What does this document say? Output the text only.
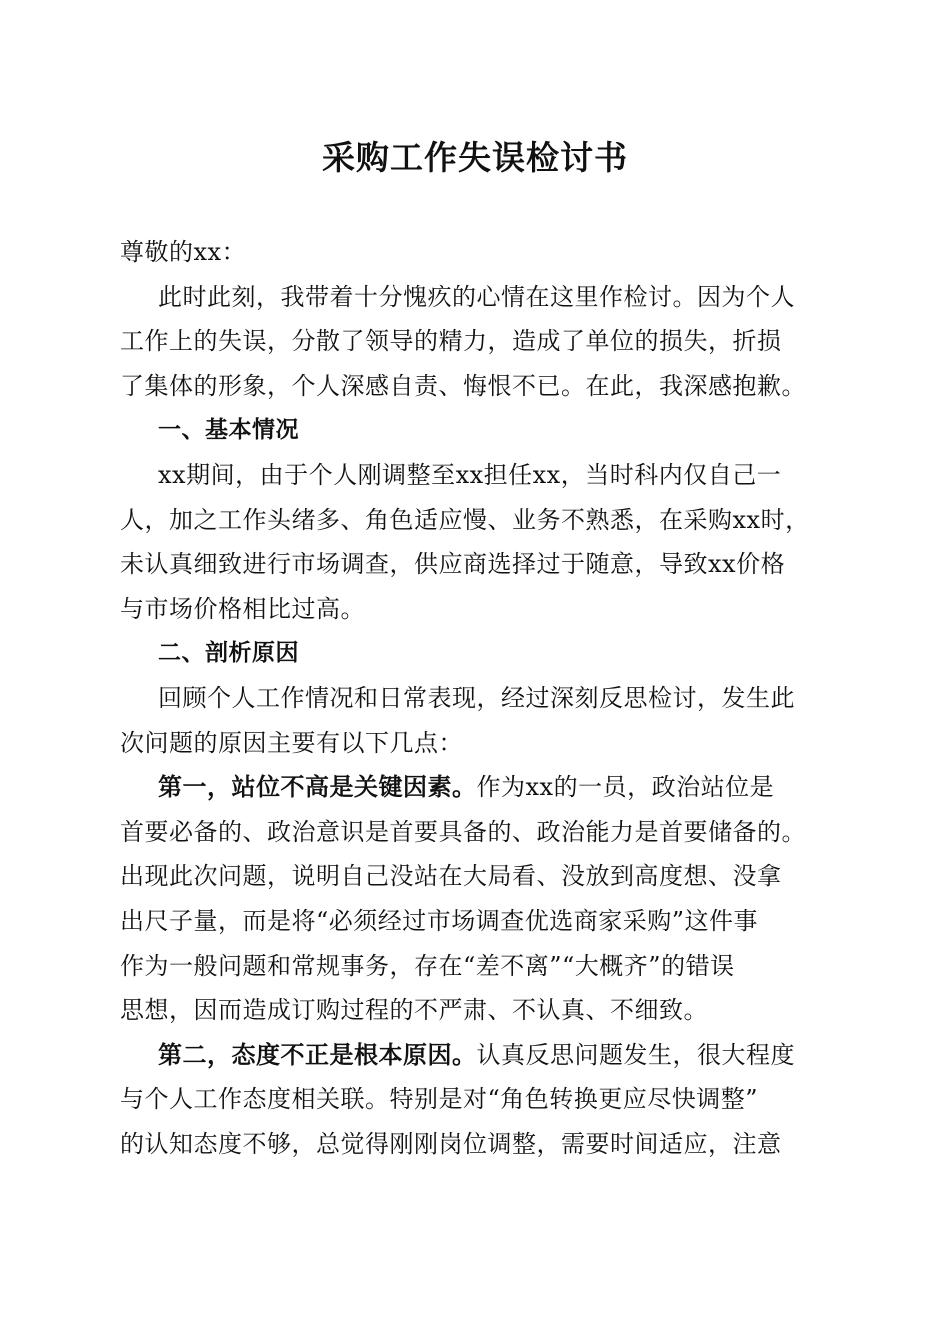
采购工作失误检讨书
尊敬的xx：
此时此刻，我带着十分愧疚的心情在这里作检讨。因为个人
工作上的失误，分散了领导的精力，造成了单位的损失，折损
了集体的形象，个人深感自责、悔恨不已。在此，我深感抱歉。
一、基本情况
xx期间，由于个人刚调整至xx担任xx，当时科内仅自己一
人，加之工作头绪多、角色适应慢、业务不熟悉，在采购xx时，
未认真细致进行市场调查，供应商选择过于随意，导致xx价格
与市场价格相比过高。
二、剖析原因
回顾个人工作情况和日常表现，经过深刻反思检讨，发生此
次问题的原因主要有以下几点：
第一，站位不高是关键因素。作为xx的一员，政治站位是
首要必备的、政治意识是首要具备的、政治能力是首要储备的。
出现此次问题，说明自己没站在大局看、没放到高度想、没拿
出尺子量，而是将“必须经过市场调查优选商家采购”这件事
作为一般问题和常规事务，存在“差不离”“大概齐”的错误
思想，因而造成订购过程的不严肃、不认真、不细致。
第二，态度不正是根本原因。认真反思问题发生，很大程度
与个人工作态度相关联。特别是对“角色转换更应尽快调整”
的认知态度不够，总觉得刚刚岗位调整，需要时间适应，注意
